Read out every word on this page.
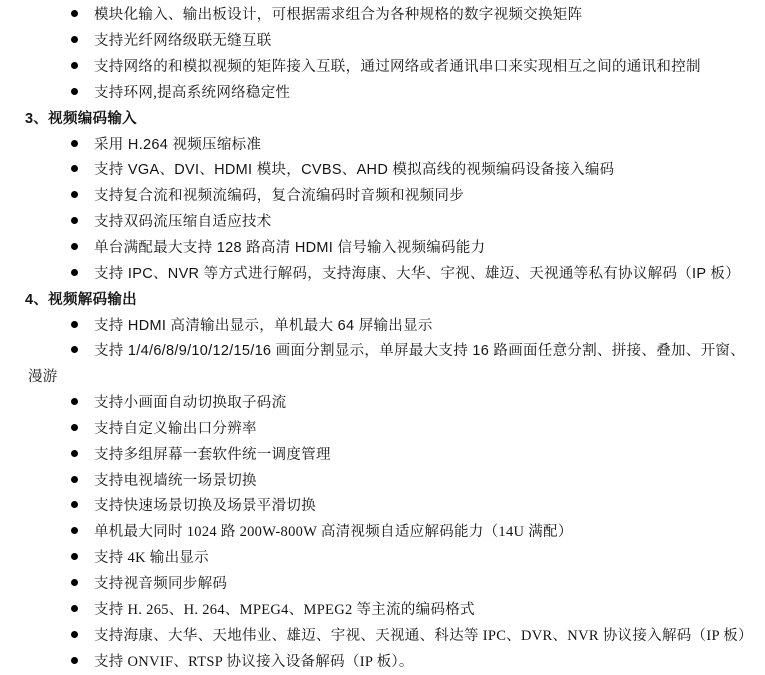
模块化输入、输出板设计，可根据需求组合为各种规格的数字视频交换矩阵
支持光纤网络级联无缝互联
支持网络的和模拟视频的矩阵接入互联，通过网络或者通讯串口来实现相互之间的通讯和控制
支持环网,提高系统网络稳定性
3、视频编码输入
采用 H.264 视频压缩标准
支持 VGA、DVI、HDMI 模块，CVBS、AHD 模拟高线的视频编码设备接入编码
支持复合流和视频流编码，复合流编码时音频和视频同步
支持双码流压缩自适应技术
单台满配最大支持 128 路高清 HDMI 信号输入视频编码能力
支持 IPC、NVR 等方式进行解码，支持海康、大华、宇视、雄迈、天视通等私有协议解码（IP 板）
4、视频解码输出
支持 HDMI 高清输出显示，单机最大 64 屏输出显示
支持 1/4/6/8/9/10/12/15/16 画面分割显示，单屏最大支持 16 路画面任意分割、拼接、叠加、开窗、
漫游
支持小画面自动切换取子码流
支持自定义输出口分辨率
支持多组屏幕一套软件统一调度管理
支持电视墙统一场景切换
支持快速场景切换及场景平滑切换
单机最大同时 1024 路 200W-800W 高清视频自适应解码能力（14U 满配）
支持 4K 输出显示
支持视音频同步解码
支持 H. 265、H. 264、MPEG4、MPEG2 等主流的编码格式
支持海康、大华、天地伟业、雄迈、宇视、天视通、科达等 IPC、DVR、NVR 协议接入解码（IP 板）
支持 ONVIF、RTSP 协议接入设备解码（IP 板）。
